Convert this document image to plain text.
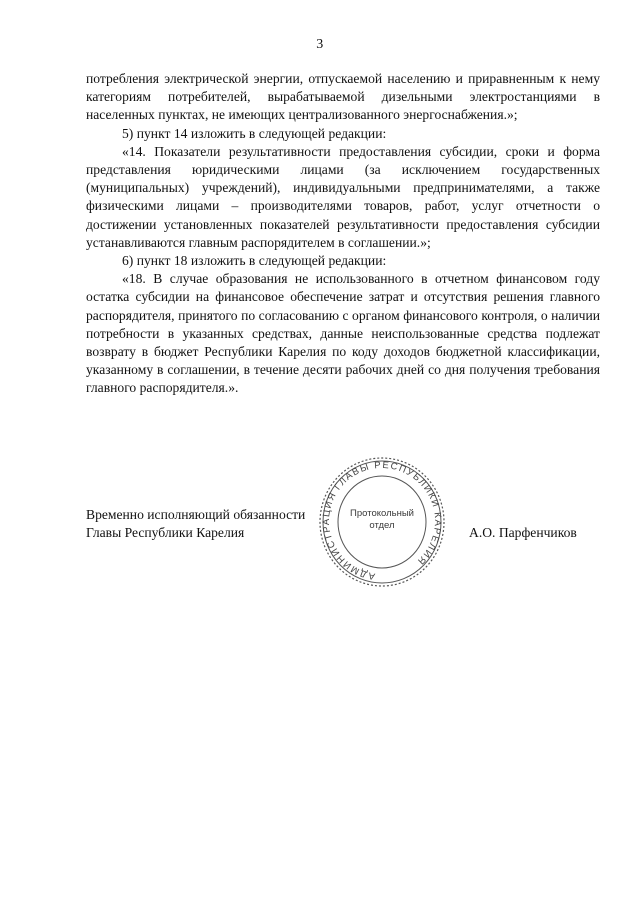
3

потребления электрической энергии, отпускаемой населению и приравненным к нему категориям потребителей, вырабатываемой дизельными электростанциями в населенных пунктах, не имеющих централизованного энергоснабжения.»;

5) пункт 14 изложить в следующей редакции:

«14. Показатели результативности предоставления субсидии, сроки и форма представления юридическими лицами (за исключением государственных (муниципальных) учреждений), индивидуальными предпринимателями, а также физическими лицами – производителями товаров, работ, услуг отчетности о достижении установленных показателей результативности предоставления субсидии устанавливаются главным распорядителем в соглашении.»;

6) пункт 18 изложить в следующей редакции:

«18. В случае образования не использованного в отчетном финансовом году остатка субсидии на финансовое обеспечение затрат и отсутствия решения главного распорядителя, принятого по согласованию с органом финансового контроля, о наличии потребности в указанных средствах, данные неиспользованные средства подлежат возврату в бюджет Республики Карелия по коду доходов бюджетной классификации, указанному в соглашении, в течение десяти рабочих дней со дня получения требования главного распорядителя.».

Временно исполняющий обязанности
Главы Республики Карелия
АДМИНИСТРАЦИЯ ГЛАВЫ РЕСПУБЛИКИ КАРЕЛИЯ
Протокольный
отдел	А.О. Парфенчиков
